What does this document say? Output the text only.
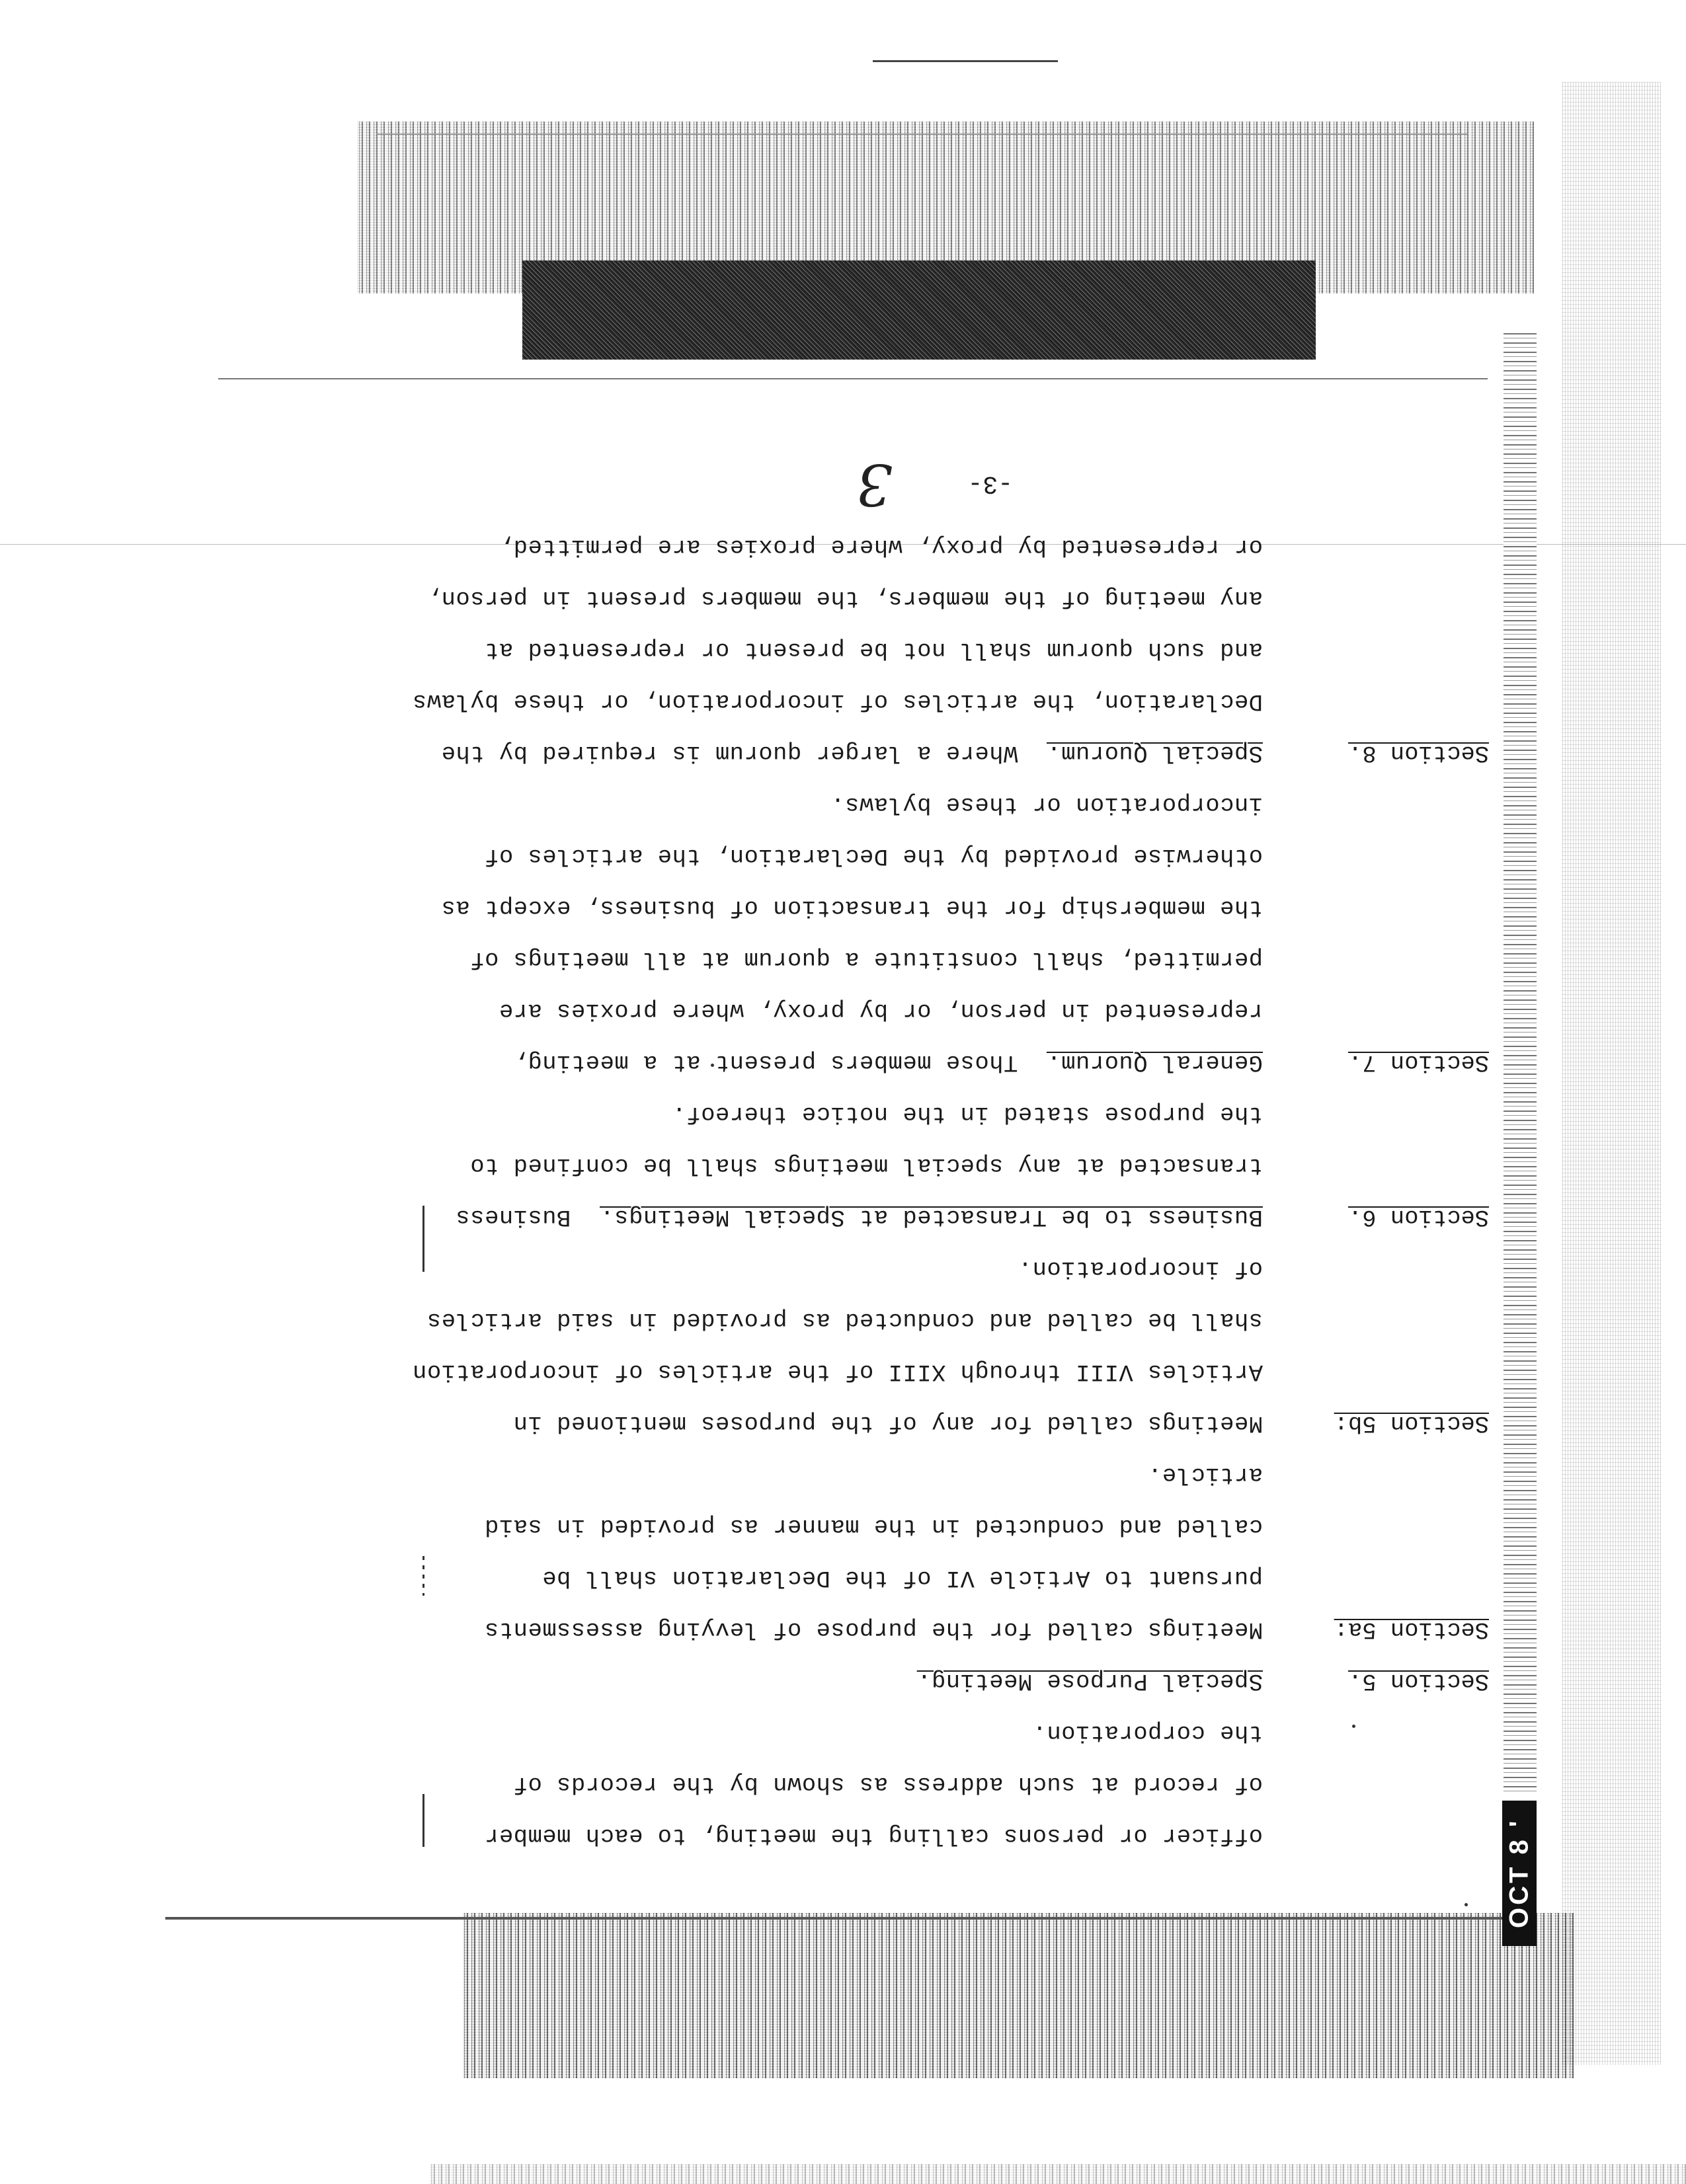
OCT 8 '
-3-
3
or represented by proxy, where proxies are permitted,
any meeting of the members, the members present in person,
and such quorum shall not be present or represented at
Declaration, the articles of incorporation, or these bylaws
Special Quorum.  Where a larger quorum is required by the	Section 8.
incorporation or these bylaws.
otherwise provided by the Declaration, the articles of
the membership for the transaction of business, except as
permitted, shall constitute a quorum at all meetings of
represented in person, or by proxy, where proxies are
General Quorum.  Those members present at a meeting,	Section 7.
the purpose stated in the notice thereof.
transacted at any special meetings shall be confined to
Business to be Transacted at Special Meetings.  Business	Section 6.
of incorporation.
shall be called and conducted as provided in said articles
Articles VIII through XIII of the articles of incorporation
Meetings called for any of the purposes mentioned in	Section 5b:
article.
called and conducted in the manner as provided in said
pursuant to Article VI of the Declaration shall be
Meetings called for the purpose of levying assessments	Section 5a:
Special Purpose Meeting.	Section 5.
the corporation.
of record at such address as shown by the records of
officer or persons calling the meeting, to each member
